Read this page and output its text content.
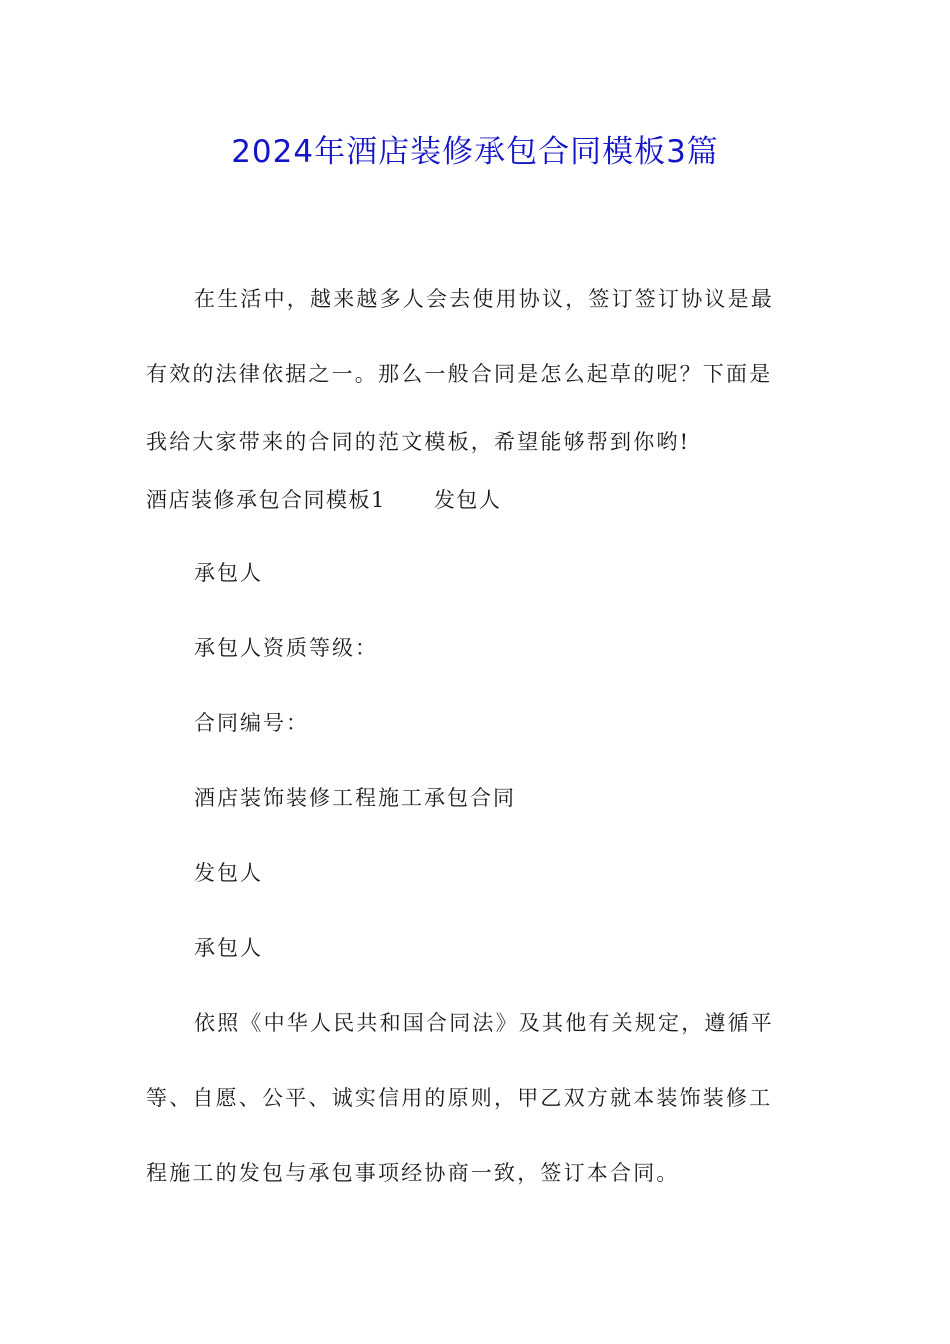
2024年酒店装修承包合同模板3篇

在生活中，越来越多人会去使用协议，签订签订协议是最

有效的法律依据之一。那么一般合同是怎么起草的呢？下面是

我给大家带来的合同的范文模板，希望能够帮到你哟!

酒店装修承包合同模板1 发包人

承包人

承包人资质等级：

合同编号：

酒店装饰装修工程施工承包合同

发包人

承包人

依照《中华人民共和国合同法》及其他有关规定，遵循平

等、自愿、公平、诚实信用的原则，甲乙双方就本装饰装修工

程施工的发包与承包事项经协商一致，签订本合同。
